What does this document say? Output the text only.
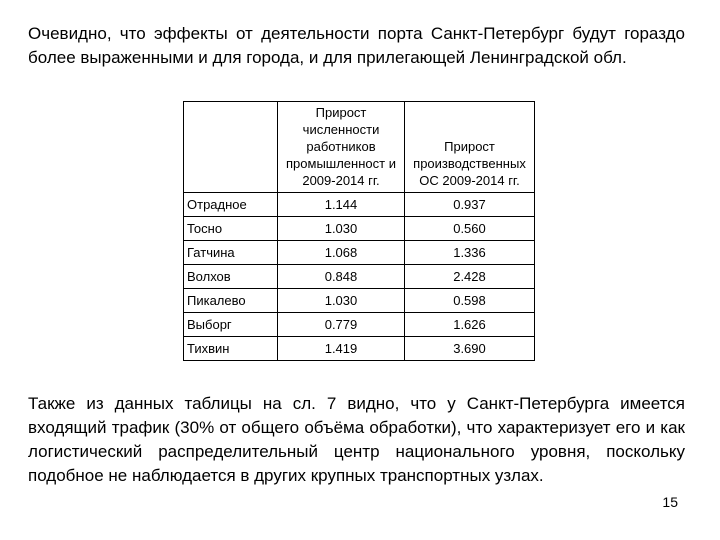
Очевидно, что эффекты от деятельности порта Санкт-Петербург будут гораздо более выраженными и для города, и для прилегающей Ленинградской обл.
	Прирост численности работников промышленност и 2009-2014 гг.	Прирост производственных ОС 2009-2014 гг.
Отрадное	1.144	0.937
Тосно	1.030	0.560
Гатчина	1.068	1.336
Волхов	0.848	2.428
Пикалево	1.030	0.598
Выборг	0.779	1.626
Тихвин	1.419	3.690
Также из данных таблицы на сл. 7 видно, что у Санкт-Петербурга имеется входящий трафик (30% от общего объёма обработки), что характеризует его и как логистический распределительный центр национального уровня, поскольку подобное не наблюдается в других крупных транспортных узлах.
15
